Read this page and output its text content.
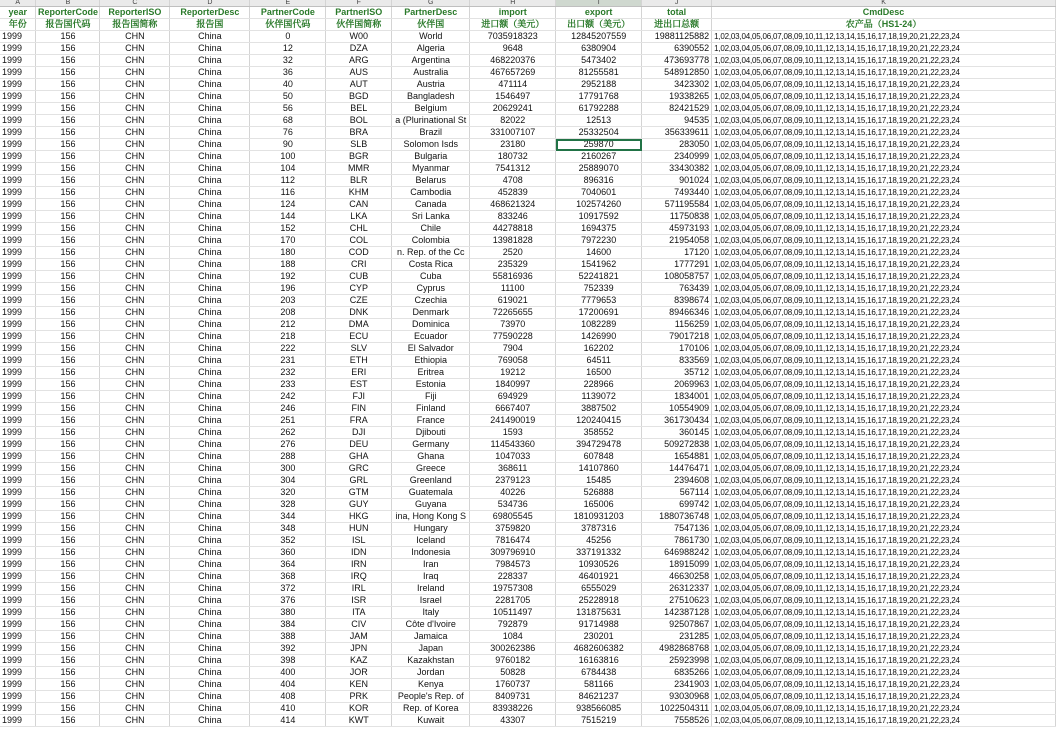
A	B	C	D	E	F	G	H	I	J	K
year	ReporterCode	ReporterISO	ReporterDesc	PartnerCode	PartnerISO	PartnerDesc	import	export	total	CmdDesc
年份	报告国代码	报告国简称	报告国	伙伴国代码	伙伴国简称	伙伴国	进口额（美元）	出口额（美元）	进出口总额	农产品（HS1-24）
1999	156	CHN	China	0	W00	World	7035918323	12845207559	19881125882	1,02,03,04,05,06,07,08,09,10,11,12,13,14,15,16,17,18,19,20,21,22,23,24
1999	156	CHN	China	12	DZA	Algeria	9648	6380904	6390552	1,02,03,04,05,06,07,08,09,10,11,12,13,14,15,16,17,18,19,20,21,22,23,24
1999	156	CHN	China	32	ARG	Argentina	468220376	5473402	473693778	1,02,03,04,05,06,07,08,09,10,11,12,13,14,15,16,17,18,19,20,21,22,23,24
1999	156	CHN	China	36	AUS	Australia	467657269	81255581	548912850	1,02,03,04,05,06,07,08,09,10,11,12,13,14,15,16,17,18,19,20,21,22,23,24
1999	156	CHN	China	40	AUT	Austria	471114	2952188	3423302	1,02,03,04,05,06,07,08,09,10,11,12,13,14,15,16,17,18,19,20,21,22,23,24
1999	156	CHN	China	50	BGD	Bangladesh	1546497	17791768	19338265	1,02,03,04,05,06,07,08,09,10,11,12,13,14,15,16,17,18,19,20,21,22,23,24
1999	156	CHN	China	56	BEL	Belgium	20629241	61792288	82421529	1,02,03,04,05,06,07,08,09,10,11,12,13,14,15,16,17,18,19,20,21,22,23,24
1999	156	CHN	China	68	BOL	a (Plurinational St	82022	12513	94535	1,02,03,04,05,06,07,08,09,10,11,12,13,14,15,16,17,18,19,20,21,22,23,24
1999	156	CHN	China	76	BRA	Brazil	331007107	25332504	356339611	1,02,03,04,05,06,07,08,09,10,11,12,13,14,15,16,17,18,19,20,21,22,23,24
1999	156	CHN	China	90	SLB	Solomon Isds	23180	259870	283050	1,02,03,04,05,06,07,08,09,10,11,12,13,14,15,16,17,18,19,20,21,22,23,24
1999	156	CHN	China	100	BGR	Bulgaria	180732	2160267	2340999	1,02,03,04,05,06,07,08,09,10,11,12,13,14,15,16,17,18,19,20,21,22,23,24
1999	156	CHN	China	104	MMR	Myanmar	7541312	25889070	33430382	1,02,03,04,05,06,07,08,09,10,11,12,13,14,15,16,17,18,19,20,21,22,23,24
1999	156	CHN	China	112	BLR	Belarus	4708	896316	901024	1,02,03,04,05,06,07,08,09,10,11,12,13,14,15,16,17,18,19,20,21,22,23,24
1999	156	CHN	China	116	KHM	Cambodia	452839	7040601	7493440	1,02,03,04,05,06,07,08,09,10,11,12,13,14,15,16,17,18,19,20,21,22,23,24
1999	156	CHN	China	124	CAN	Canada	468621324	102574260	571195584	1,02,03,04,05,06,07,08,09,10,11,12,13,14,15,16,17,18,19,20,21,22,23,24
1999	156	CHN	China	144	LKA	Sri Lanka	833246	10917592	11750838	1,02,03,04,05,06,07,08,09,10,11,12,13,14,15,16,17,18,19,20,21,22,23,24
1999	156	CHN	China	152	CHL	Chile	44278818	1694375	45973193	1,02,03,04,05,06,07,08,09,10,11,12,13,14,15,16,17,18,19,20,21,22,23,24
1999	156	CHN	China	170	COL	Colombia	13981828	7972230	21954058	1,02,03,04,05,06,07,08,09,10,11,12,13,14,15,16,17,18,19,20,21,22,23,24
1999	156	CHN	China	180	COD	n. Rep. of the Cc	2520	14600	17120	1,02,03,04,05,06,07,08,09,10,11,12,13,14,15,16,17,18,19,20,21,22,23,24
1999	156	CHN	China	188	CRI	Costa Rica	235329	1541962	1777291	1,02,03,04,05,06,07,08,09,10,11,12,13,14,15,16,17,18,19,20,21,22,23,24
1999	156	CHN	China	192	CUB	Cuba	55816936	52241821	108058757	1,02,03,04,05,06,07,08,09,10,11,12,13,14,15,16,17,18,19,20,21,22,23,24
1999	156	CHN	China	196	CYP	Cyprus	11100	752339	763439	1,02,03,04,05,06,07,08,09,10,11,12,13,14,15,16,17,18,19,20,21,22,23,24
1999	156	CHN	China	203	CZE	Czechia	619021	7779653	8398674	1,02,03,04,05,06,07,08,09,10,11,12,13,14,15,16,17,18,19,20,21,22,23,24
1999	156	CHN	China	208	DNK	Denmark	72265655	17200691	89466346	1,02,03,04,05,06,07,08,09,10,11,12,13,14,15,16,17,18,19,20,21,22,23,24
1999	156	CHN	China	212	DMA	Dominica	73970	1082289	1156259	1,02,03,04,05,06,07,08,09,10,11,12,13,14,15,16,17,18,19,20,21,22,23,24
1999	156	CHN	China	218	ECU	Ecuador	77590228	1426990	79017218	1,02,03,04,05,06,07,08,09,10,11,12,13,14,15,16,17,18,19,20,21,22,23,24
1999	156	CHN	China	222	SLV	El Salvador	7904	162202	170106	1,02,03,04,05,06,07,08,09,10,11,12,13,14,15,16,17,18,19,20,21,22,23,24
1999	156	CHN	China	231	ETH	Ethiopia	769058	64511	833569	1,02,03,04,05,06,07,08,09,10,11,12,13,14,15,16,17,18,19,20,21,22,23,24
1999	156	CHN	China	232	ERI	Eritrea	19212	16500	35712	1,02,03,04,05,06,07,08,09,10,11,12,13,14,15,16,17,18,19,20,21,22,23,24
1999	156	CHN	China	233	EST	Estonia	1840997	228966	2069963	1,02,03,04,05,06,07,08,09,10,11,12,13,14,15,16,17,18,19,20,21,22,23,24
1999	156	CHN	China	242	FJI	Fiji	694929	1139072	1834001	1,02,03,04,05,06,07,08,09,10,11,12,13,14,15,16,17,18,19,20,21,22,23,24
1999	156	CHN	China	246	FIN	Finland	6667407	3887502	10554909	1,02,03,04,05,06,07,08,09,10,11,12,13,14,15,16,17,18,19,20,21,22,23,24
1999	156	CHN	China	251	FRA	France	241490019	120240415	361730434	1,02,03,04,05,06,07,08,09,10,11,12,13,14,15,16,17,18,19,20,21,22,23,24
1999	156	CHN	China	262	DJI	Djibouti	1593	358552	360145	1,02,03,04,05,06,07,08,09,10,11,12,13,14,15,16,17,18,19,20,21,22,23,24
1999	156	CHN	China	276	DEU	Germany	114543360	394729478	509272838	1,02,03,04,05,06,07,08,09,10,11,12,13,14,15,16,17,18,19,20,21,22,23,24
1999	156	CHN	China	288	GHA	Ghana	1047033	607848	1654881	1,02,03,04,05,06,07,08,09,10,11,12,13,14,15,16,17,18,19,20,21,22,23,24
1999	156	CHN	China	300	GRC	Greece	368611	14107860	14476471	1,02,03,04,05,06,07,08,09,10,11,12,13,14,15,16,17,18,19,20,21,22,23,24
1999	156	CHN	China	304	GRL	Greenland	2379123	15485	2394608	1,02,03,04,05,06,07,08,09,10,11,12,13,14,15,16,17,18,19,20,21,22,23,24
1999	156	CHN	China	320	GTM	Guatemala	40226	526888	567114	1,02,03,04,05,06,07,08,09,10,11,12,13,14,15,16,17,18,19,20,21,22,23,24
1999	156	CHN	China	328	GUY	Guyana	534736	165006	699742	1,02,03,04,05,06,07,08,09,10,11,12,13,14,15,16,17,18,19,20,21,22,23,24
1999	156	CHN	China	344	HKG	ina, Hong Kong S	69805545	1810931203	1880736748	1,02,03,04,05,06,07,08,09,10,11,12,13,14,15,16,17,18,19,20,21,22,23,24
1999	156	CHN	China	348	HUN	Hungary	3759820	3787316	7547136	1,02,03,04,05,06,07,08,09,10,11,12,13,14,15,16,17,18,19,20,21,22,23,24
1999	156	CHN	China	352	ISL	Iceland	7816474	45256	7861730	1,02,03,04,05,06,07,08,09,10,11,12,13,14,15,16,17,18,19,20,21,22,23,24
1999	156	CHN	China	360	IDN	Indonesia	309796910	337191332	646988242	1,02,03,04,05,06,07,08,09,10,11,12,13,14,15,16,17,18,19,20,21,22,23,24
1999	156	CHN	China	364	IRN	Iran	7984573	10930526	18915099	1,02,03,04,05,06,07,08,09,10,11,12,13,14,15,16,17,18,19,20,21,22,23,24
1999	156	CHN	China	368	IRQ	Iraq	228337	46401921	46630258	1,02,03,04,05,06,07,08,09,10,11,12,13,14,15,16,17,18,19,20,21,22,23,24
1999	156	CHN	China	372	IRL	Ireland	19757308	6555029	26312337	1,02,03,04,05,06,07,08,09,10,11,12,13,14,15,16,17,18,19,20,21,22,23,24
1999	156	CHN	China	376	ISR	Israel	2281705	25228918	27510623	1,02,03,04,05,06,07,08,09,10,11,12,13,14,15,16,17,18,19,20,21,22,23,24
1999	156	CHN	China	380	ITA	Italy	10511497	131875631	142387128	1,02,03,04,05,06,07,08,09,10,11,12,13,14,15,16,17,18,19,20,21,22,23,24
1999	156	CHN	China	384	CIV	Côte d'Ivoire	792879	91714988	92507867	1,02,03,04,05,06,07,08,09,10,11,12,13,14,15,16,17,18,19,20,21,22,23,24
1999	156	CHN	China	388	JAM	Jamaica	1084	230201	231285	1,02,03,04,05,06,07,08,09,10,11,12,13,14,15,16,17,18,19,20,21,22,23,24
1999	156	CHN	China	392	JPN	Japan	300262386	4682606382	4982868768	1,02,03,04,05,06,07,08,09,10,11,12,13,14,15,16,17,18,19,20,21,22,23,24
1999	156	CHN	China	398	KAZ	Kazakhstan	9760182	16163816	25923998	1,02,03,04,05,06,07,08,09,10,11,12,13,14,15,16,17,18,19,20,21,22,23,24
1999	156	CHN	China	400	JOR	Jordan	50828	6784438	6835266	1,02,03,04,05,06,07,08,09,10,11,12,13,14,15,16,17,18,19,20,21,22,23,24
1999	156	CHN	China	404	KEN	Kenya	1760737	581166	2341903	1,02,03,04,05,06,07,08,09,10,11,12,13,14,15,16,17,18,19,20,21,22,23,24
1999	156	CHN	China	408	PRK	People's Rep. of	8409731	84621237	93030968	1,02,03,04,05,06,07,08,09,10,11,12,13,14,15,16,17,18,19,20,21,22,23,24
1999	156	CHN	China	410	KOR	Rep. of Korea	83938226	938566085	1022504311	1,02,03,04,05,06,07,08,09,10,11,12,13,14,15,16,17,18,19,20,21,22,23,24
1999	156	CHN	China	414	KWT	Kuwait	43307	7515219	7558526	1,02,03,04,05,06,07,08,09,10,11,12,13,14,15,16,17,18,19,20,21,22,23,24
